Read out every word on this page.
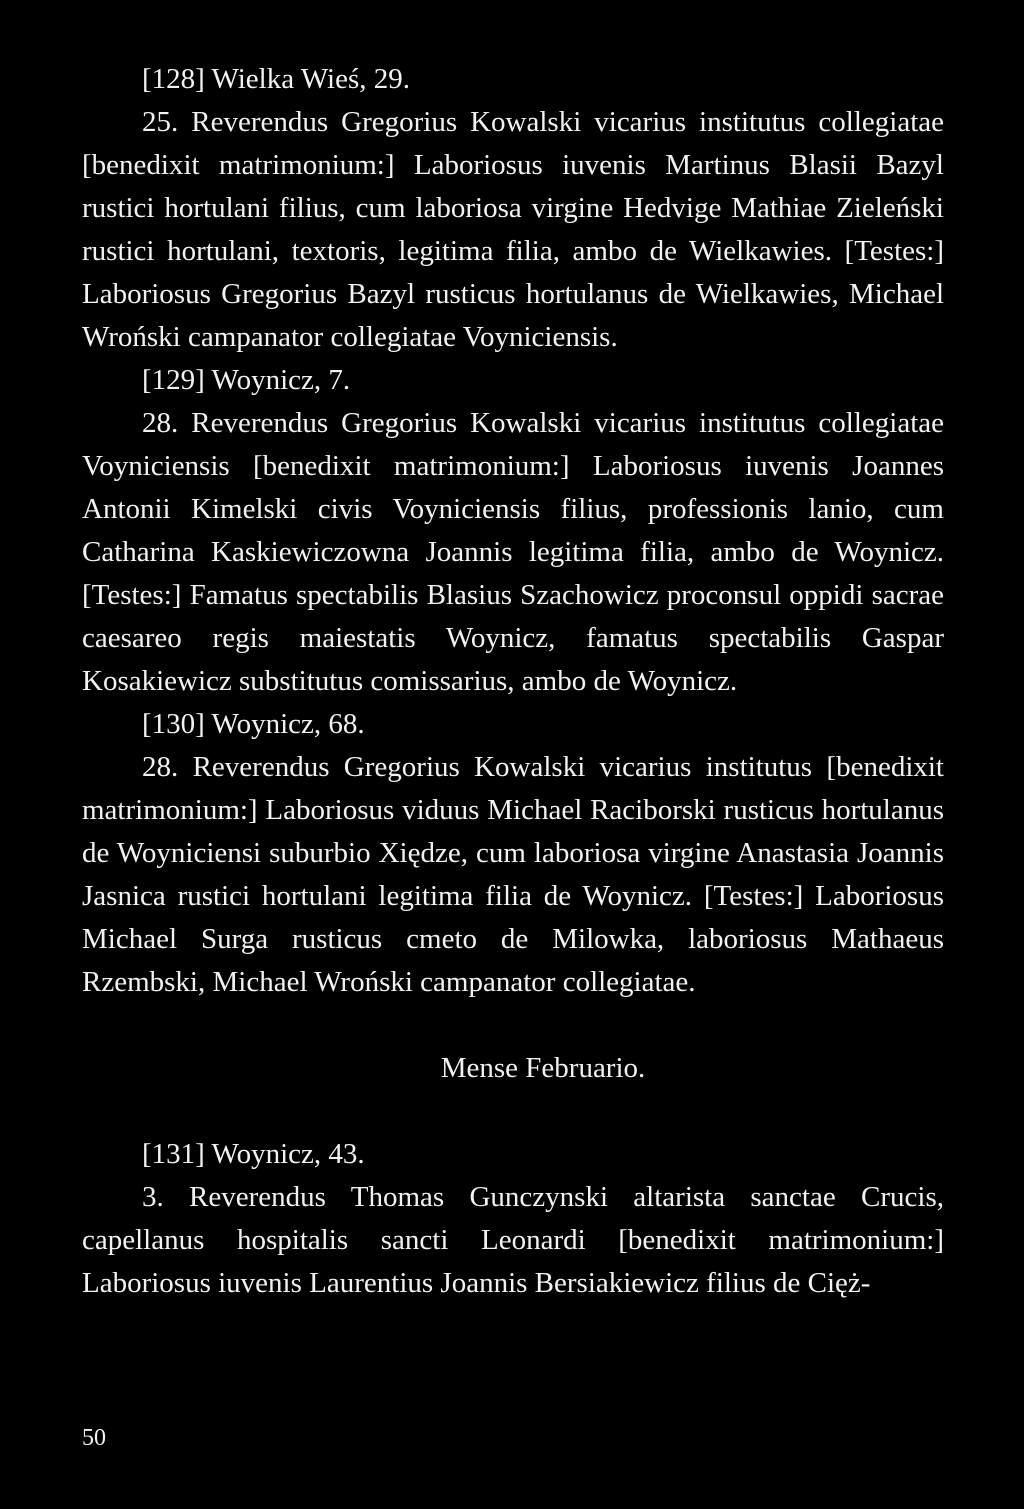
[128] Wielka Wieś, 29.

25. Reverendus Gregorius Kowalski vicarius institutus collegiatae [benedixit matrimonium:] Laboriosus iuvenis Martinus Blasii Bazyl rustici hortulani filius, cum laboriosa virgine Hedvige Mathiae Zieleński rustici hortulani, textoris, legitima filia, ambo de Wielkawies. [Testes:] Laboriosus Gregorius Bazyl rusticus hortulanus de Wielkawies, Michael Wroński campanator collegiatae Voyniciensis.

[129] Woynicz, 7.

28. Reverendus Gregorius Kowalski vicarius institutus collegiatae Voyniciensis [benedixit matrimonium:] Laboriosus iuvenis Joannes Antonii Kimelski civis Voyniciensis filius, professionis lanio, cum Catharina Kaskiewiczowna Joannis legitima filia, ambo de Woynicz. [Testes:] Famatus spectabilis Blasius Szachowicz proconsul oppidi sacrae caesareo regis maiestatis Woynicz, famatus spectabilis Gaspar Kosakiewicz substitutus comissarius, ambo de Woynicz.

[130] Woynicz, 68.

28. Reverendus Gregorius Kowalski vicarius institutus [benedixit matrimonium:] Laboriosus viduus Michael Raciborski rusticus hortulanus de Woyniciensi suburbio Xiędze, cum laboriosa virgine Anastasia Joannis Jasnica rustici hortulani legitima filia de Woynicz. [Testes:] Laboriosus Michael Surga rusticus cmeto de Milowka, laboriosus Mathaeus Rzembski, Michael Wroński campanator collegiatae.

Mense Februario.

[131] Woynicz, 43.

3. Reverendus Thomas Gunczynski altarista sanctae Crucis, capellanus hospitalis sancti Leonardi [benedixit matrimonium:] Laboriosus iuvenis Laurentius Joannis Bersiakiewicz filius de Cięż-

50
